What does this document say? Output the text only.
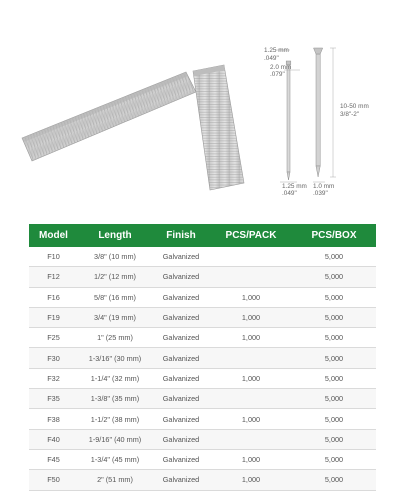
1.25 mm
.049"
2.0 mm
.079"
10-50 mm
3/8"-2"
1.25 mm
.049"
1.0 mm
.039"
Model	Length	Finish	PCS/PACK	PCS/BOX
F10	3/8" (10 mm)	Galvanized		5,000
F12	1/2" (12 mm)	Galvanized		5,000
F16	5/8" (16 mm)	Galvanized	1,000	5,000
F19	3/4" (19 mm)	Galvanized	1,000	5,000
F25	1" (25 mm)	Galvanized	1,000	5,000
F30	1-3/16" (30 mm)	Galvanized		5,000
F32	1-1/4" (32 mm)	Galvanized	1,000	5,000
F35	1-3/8" (35 mm)	Galvanized		5,000
F38	1-1/2" (38 mm)	Galvanized	1,000	5,000
F40	1-9/16" (40 mm)	Galvanized		5,000
F45	1-3/4" (45 mm)	Galvanized	1,000	5,000
F50	2" (51 mm)	Galvanized	1,000	5,000
